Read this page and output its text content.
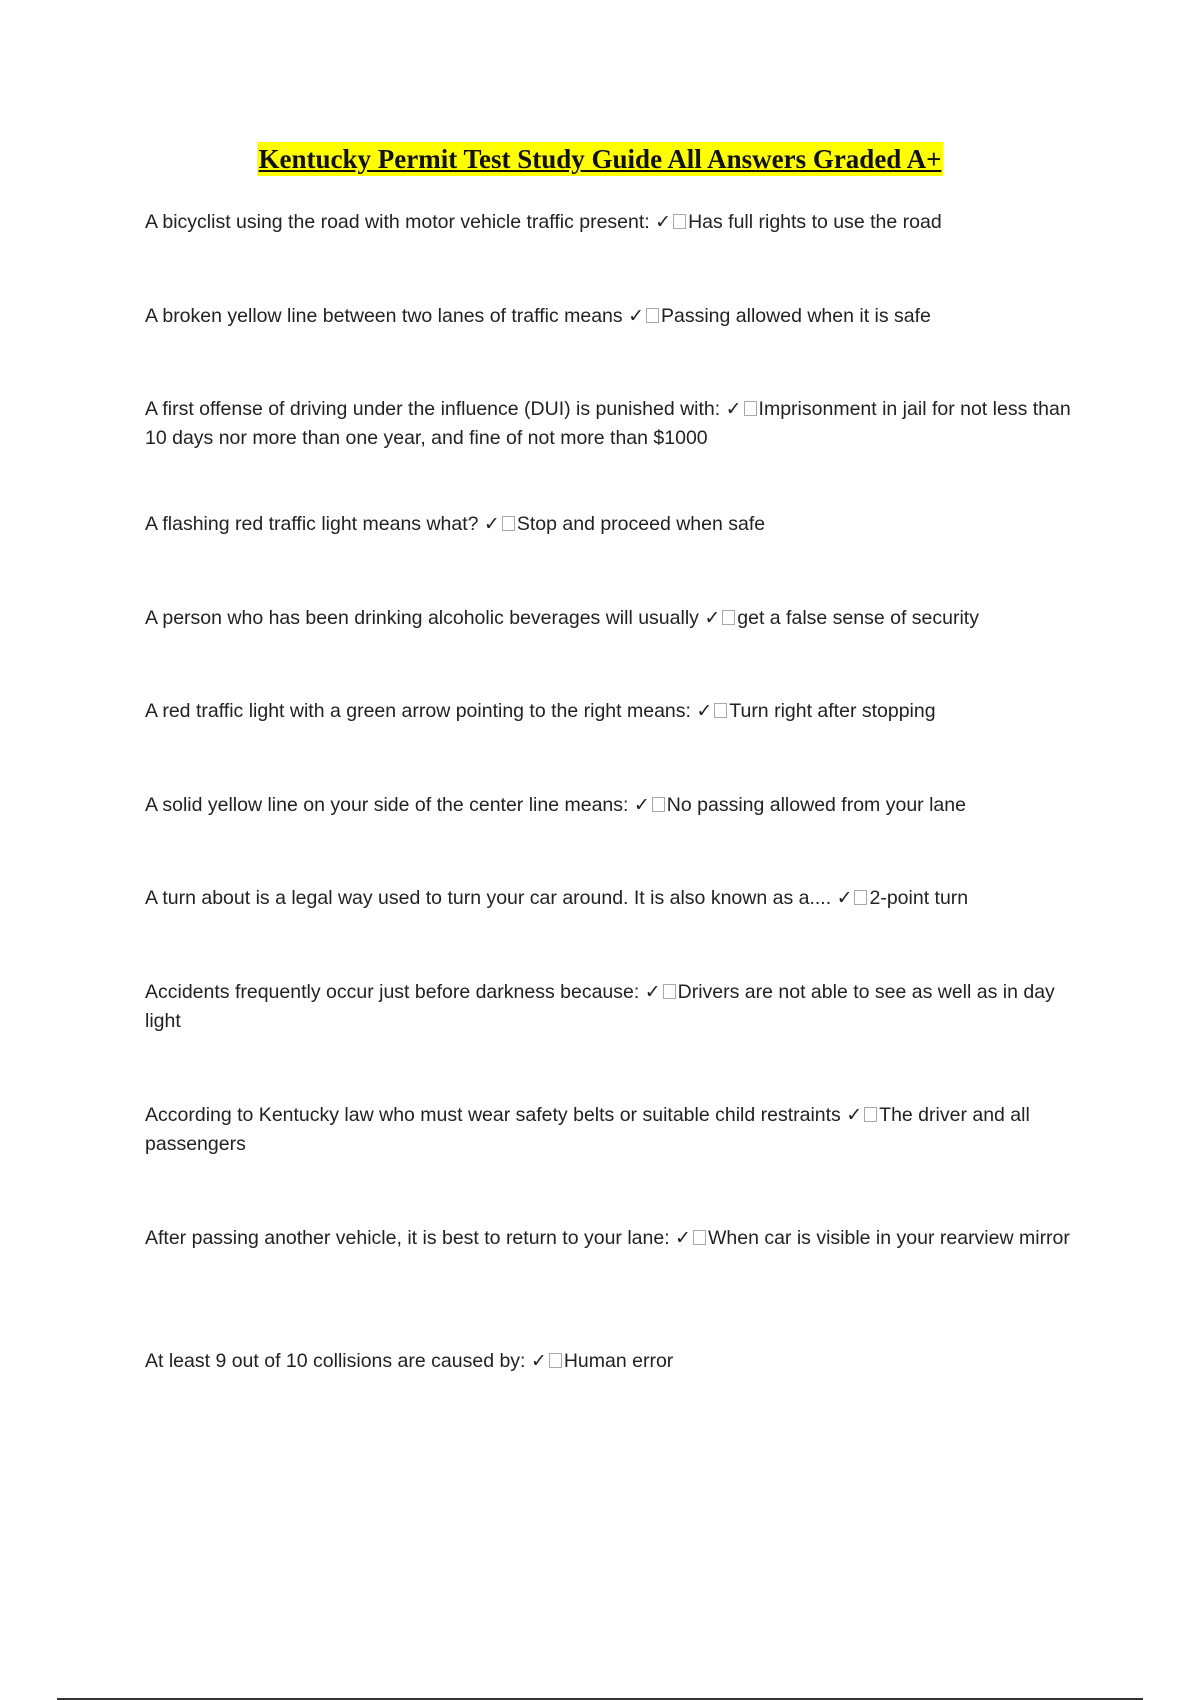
Kentucky Permit Test Study Guide All Answers Graded A+
A bicyclist using the road with motor vehicle traffic present: ✓ Has full rights to use the road
A broken yellow line between two lanes of traffic means ✓ Passing allowed when it is safe
A first offense of driving under the influence (DUI) is punished with: ✓ Imprisonment in jail for not less than 10 days nor more than one year, and fine of not more than $1000
A flashing red traffic light means what? ✓ Stop and proceed when safe
A person who has been drinking alcoholic beverages will usually ✓ get a false sense of security
A red traffic light with a green arrow pointing to the right means: ✓ Turn right after stopping
A solid yellow line on your side of the center line means: ✓ No passing allowed from your lane
A turn about is a legal way used to turn your car around. It is also known as a.... ✓ 2-point turn
Accidents frequently occur just before darkness because: ✓ Drivers are not able to see as well as in day light
According to Kentucky law who must wear safety belts or suitable child restraints ✓ The driver and all passengers
After passing another vehicle, it is best to return to your lane: ✓ When car is visible in your rearview mirror
At least 9 out of 10 collisions are caused by: ✓ Human error
